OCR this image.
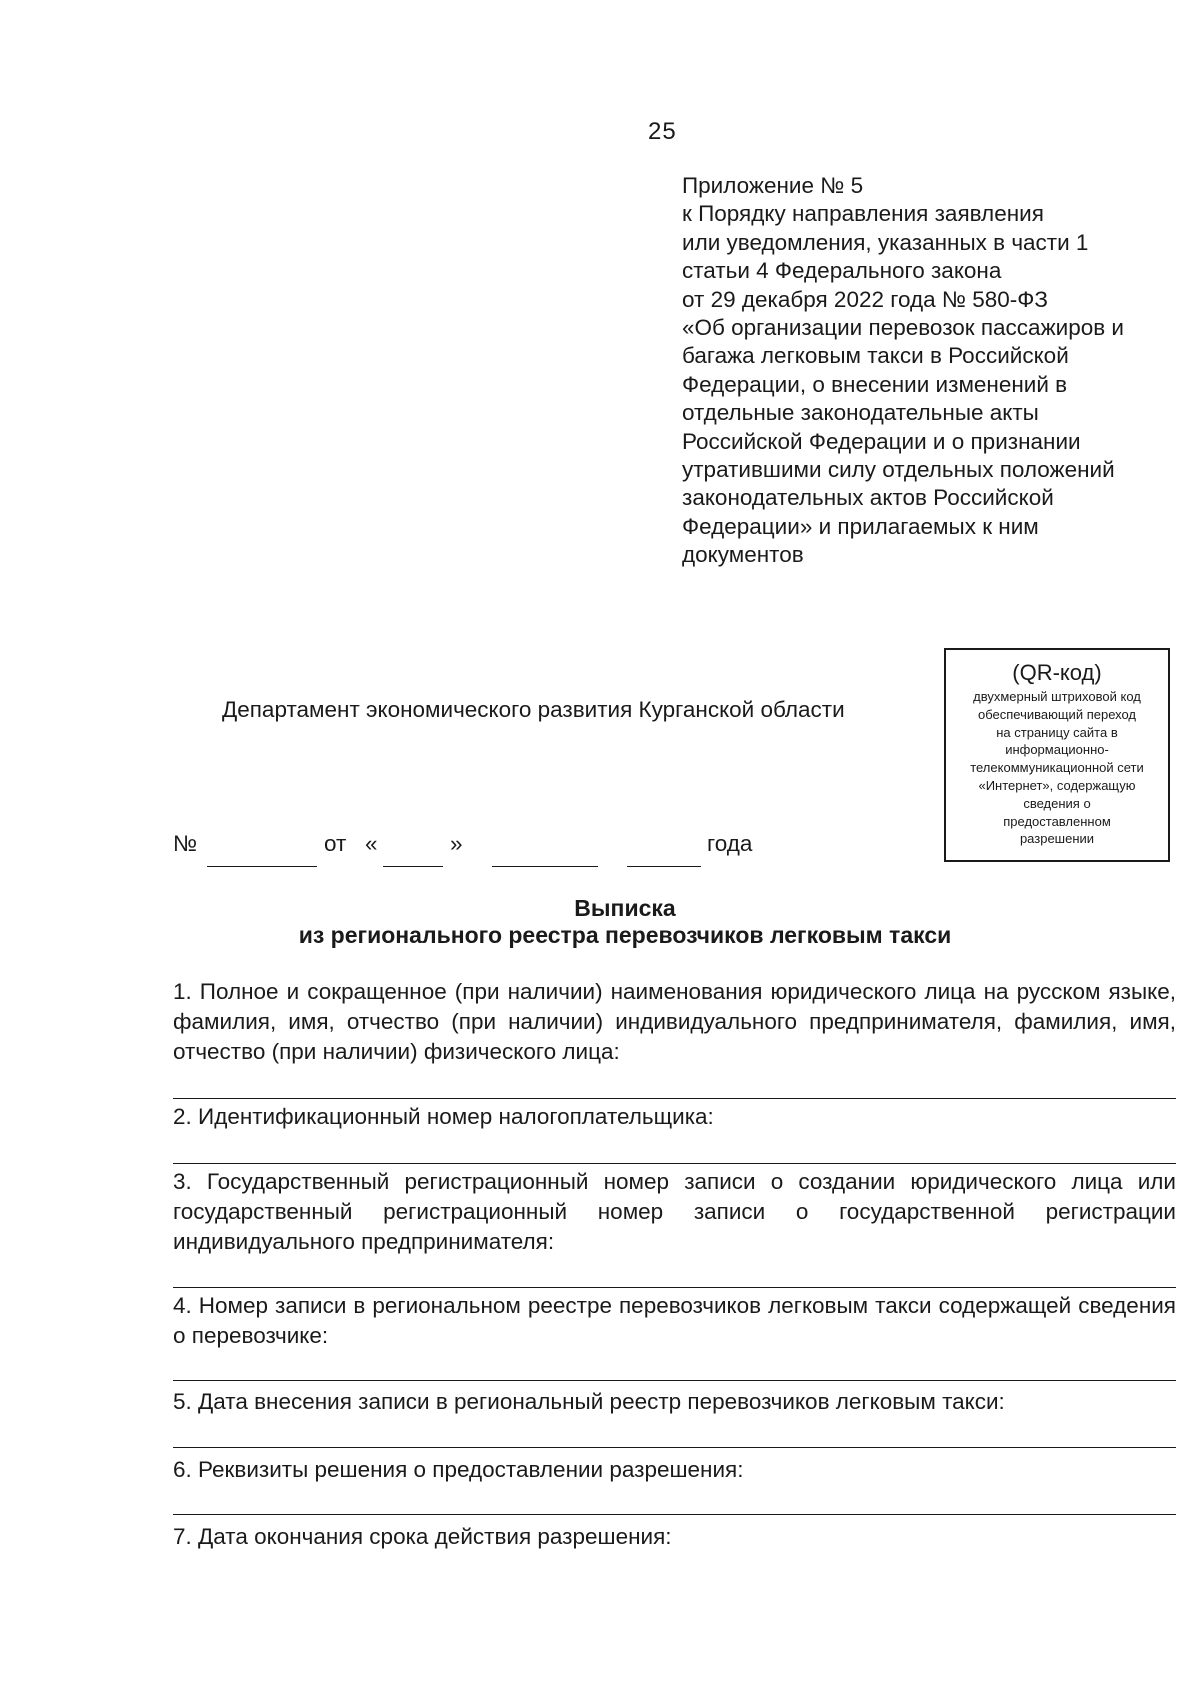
25
Приложение № 5
к Порядку направления заявления
или уведомления, указанных в части 1
статьи 4 Федерального закона
от 29 декабря 2022 года № 580-ФЗ
«Об организации перевозок пассажиров и
багажа легковым такси в Российской
Федерации, о внесении изменений в
отдельные законодательные акты
Российской Федерации и о признании
утратившими силу отдельных положений
законодательных актов Российской
Федерации» и прилагаемых к ним
документов
Департамент экономического развития Курганской области
(QR-код)
двухмерный штриховой код
обеспечивающий переход
на страницу сайта в
информационно-
телекоммуникационной сети
«Интернет», содержащую
сведения о
предоставленном
разрешении
№	от «	»	года
Выписка
из регионального реестра перевозчиков легковым такси
1. Полное и сокращенное (при наличии) наименования юридического лица на русском языке, фамилия, имя, отчество (при наличии) индивидуального предпринимателя, фамилия, имя, отчество (при наличии) физического лица:
2. Идентификационный номер налогоплательщика:
3. Государственный регистрационный номер записи о создании юридического лица или государственный регистрационный номер записи о государственной регистрации индивидуального предпринимателя:
4. Номер записи в региональном реестре перевозчиков легковым такси содержащей сведения о перевозчике:
5. Дата внесения записи в региональный реестр перевозчиков легковым такси:
6. Реквизиты решения о предоставлении разрешения:
7. Дата окончания срока действия разрешения:
